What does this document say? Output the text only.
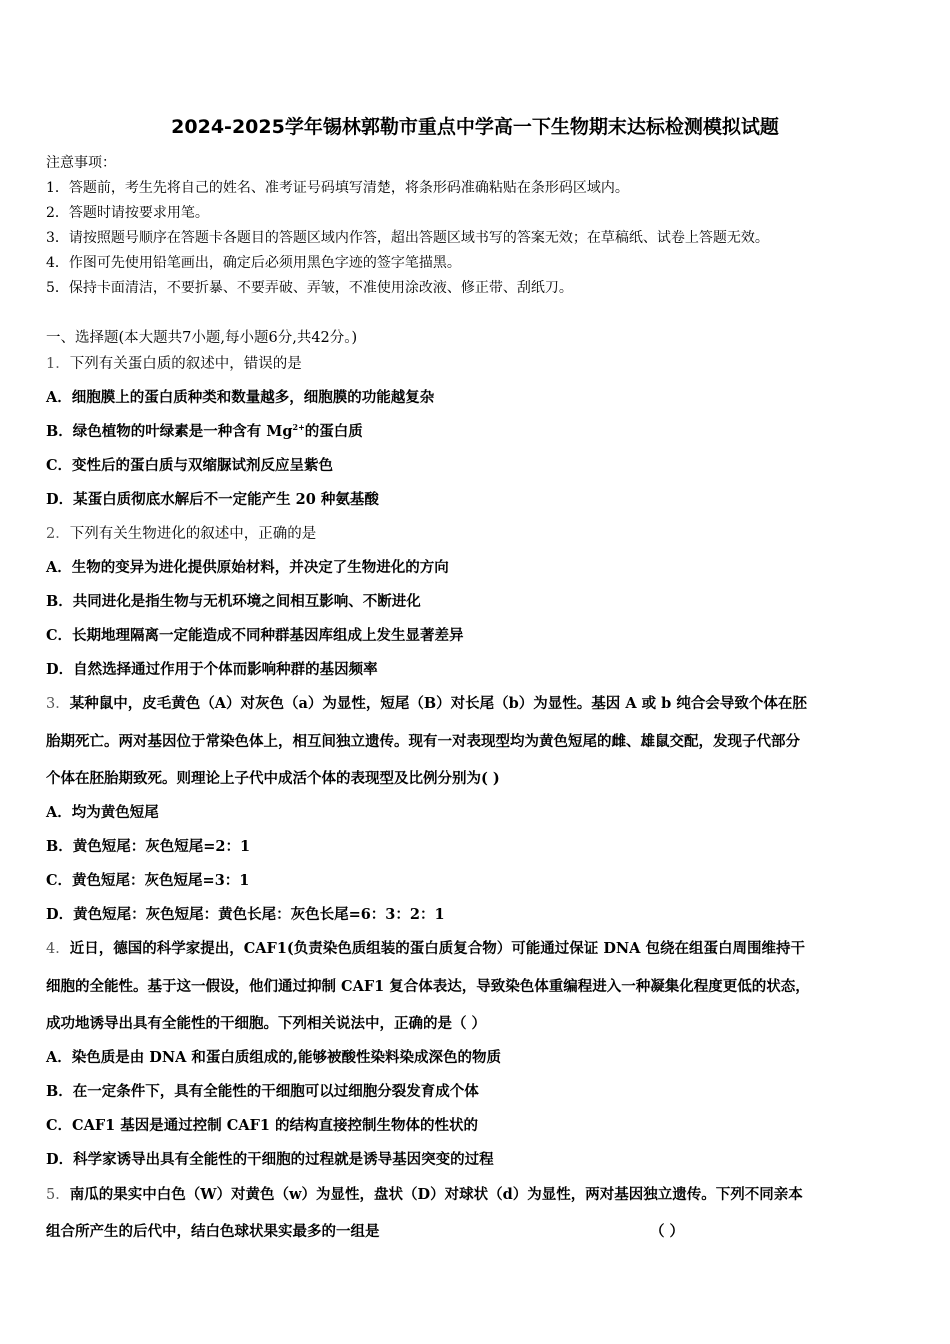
2024-2025学年锡林郭勒市重点中学高一下生物期末达标检测模拟试题
注意事项：
1．答题前，考生先将自己的姓名、准考证号码填写清楚，将条形码准确粘贴在条形码区域内。
2．答题时请按要求用笔。
3．请按照题号顺序在答题卡各题目的答题区域内作答，超出答题区域书写的答案无效；在草稿纸、试卷上答题无效。
4．作图可先使用铅笔画出，确定后必须用黑色字迹的签字笔描黑。
5．保持卡面清洁，不要折暴、不要弄破、弄皱，不准使用涂改液、修正带、刮纸刀。
一、选择题(本大题共7小题,每小题6分,共42分。)
1．下列有关蛋白质的叙述中，错误的是
A．细胞膜上的蛋白质种类和数量越多，细胞膜的功能越复杂
B．绿色植物的叶绿素是一种含有 $Mg^{2+}$的蛋白质
C．变性后的蛋白质与双缩脲试剂反应呈紫色
D．某蛋白质彻底水解后不一定能产生 20 种氨基酸
2．下列有关生物进化的叙述中，正确的是
A．生物的变异为进化提供原始材料，并决定了生物进化的方向
B．共同进化是指生物与无机环境之间相互影响、不断进化
C．长期地理隔离一定能造成不同种群基因库组成上发生显著差异
D．自然选择通过作用于个体而影响种群的基因频率
3．某种鼠中，皮毛黄色（A）对灰色（a）为显性，短尾（B）对长尾（b）为显性。基因 A 或 b 纯合会导致个体在胚
胎期死亡。两对基因位于常染色体上，相互间独立遗传。现有一对表现型均为黄色短尾的雌、雄鼠交配，发现子代部分
个体在胚胎期致死。则理论上子代中成活个体的表现型及比例分别为( )
A．均为黄色短尾
B．黄色短尾：灰色短尾=2：1
C．黄色短尾：灰色短尾=3：1
D．黄色短尾：灰色短尾：黄色长尾：灰色长尾=6：3：2：1
4．近日，德国的科学家提出，CAF1(负责染色质组装的蛋白质复合物）可能通过保证 DNA 包绕在组蛋白周围维持干
细胞的全能性。基于这一假设，他们通过抑制 CAF1 复合体表达，导致染色体重编程进入一种凝集化程度更低的状态，
成功地诱导出具有全能性的干细胞。下列相关说法中，正确的是（ ）
A．染色质是由 DNA 和蛋白质组成的,能够被酸性染料染成深色的物质
B．在一定条件下，具有全能性的干细胞可以过细胞分裂发育成个体
C．CAF1 基因是通过控制 CAF1 的结构直接控制生物体的性状的
D．科学家诱导出具有全能性的干细胞的过程就是诱导基因突变的过程
5．南瓜的果实中白色（W）对黄色（w）为显性，盘状（D）对球状（d）为显性，两对基因独立遗传。下列不同亲本
组合所产生的后代中，结白色球状果实最多的一组是	（ ）
